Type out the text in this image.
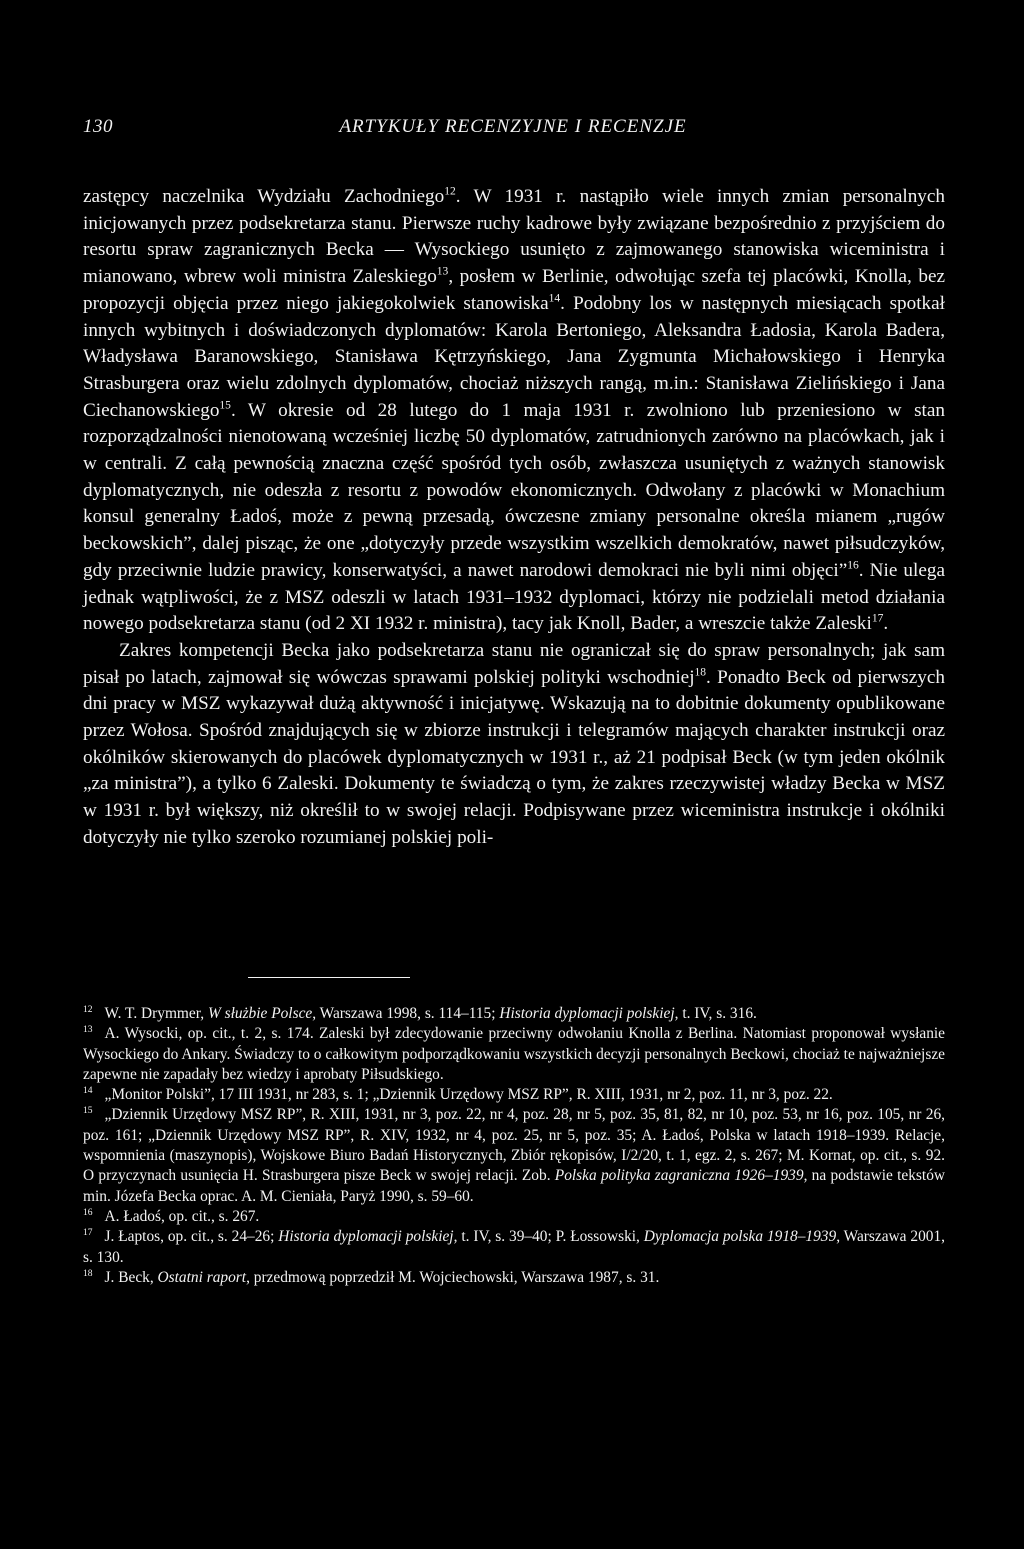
130	ARTYKUŁY RECENZYJNE I RECENZJE

zastępcy naczelnika Wydziału Zachodniego$^{12}$. W 1931 r. nastąpiło wiele innych zmian personalnych inicjowanych przez podsekretarza stanu. Pierwsze ruchy kadrowe były związane bezpośrednio z przyjściem do resortu spraw zagranicznych Becka — Wysockiego usunięto z zajmowanego stanowiska wiceministra i mianowano, wbrew woli ministra Zaleskiego$^{13}$, posłem w Berlinie, odwołując szefa tej placówki, Knolla, bez propozycji objęcia przez niego jakiegokolwiek stanowiska$^{14}$. Podobny los w następnych miesiącach spotkał innych wybitnych i doświadczonych dyplomatów: Karola Bertoniego, Aleksandra Ładosia, Karola Badera, Władysława Baranowskiego, Stanisława Kętrzyńskiego, Jana Zygmunta Michałowskiego i Henryka Strasburgera oraz wielu zdolnych dyplomatów, chociaż niższych rangą, m.in.: Stanisława Zielińskiego i Jana Ciechanowskiego$^{15}$. W okresie od 28 lutego do 1 maja 1931 r. zwolniono lub przeniesiono w stan rozporządzalności nienotowaną wcześniej liczbę 50 dyplomatów, zatrudnionych zarówno na placówkach, jak i w centrali. Z całą pewnością znaczna część spośród tych osób, zwłaszcza usuniętych z ważnych stanowisk dyplomatycznych, nie odeszła z resortu z powodów ekonomicznych. Odwołany z placówki w Monachium konsul generalny Ładoś, może z pewną przesadą, ówczesne zmiany personalne określa mianem „rugów beckowskich”, dalej pisząc, że one „dotyczyły przede wszystkim wszelkich demokratów, nawet piłsudczyków, gdy przeciwnie ludzie prawicy, konserwatyści, a nawet narodowi demokraci nie byli nimi objęci”$^{16}$. Nie ulega jednak wątpliwości, że z MSZ odeszli w latach 1931–1932 dyplomaci, którzy nie podzielali metod działania nowego podsekretarza stanu (od 2 XI 1932 r. ministra), tacy jak Knoll, Bader, a wreszcie także Zaleski$^{17}$.

Zakres kompetencji Becka jako podsekretarza stanu nie ograniczał się do spraw personalnych; jak sam pisał po latach, zajmował się wówczas sprawami polskiej polityki wschodniej$^{18}$. Ponadto Beck od pierwszych dni pracy w MSZ wykazywał dużą aktywność i inicjatywę. Wskazują na to dobitnie dokumenty opublikowane przez Wołosa. Spośród znajdujących się w zbiorze instrukcji i telegramów mających charakter instrukcji oraz okólników skierowanych do placówek dyplomatycznych w 1931 r., aż 21 podpisał Beck (w tym jeden okólnik „za ministra”), a tylko 6 Zaleski. Dokumenty te świadczą o tym, że zakres rzeczywistej władzy Becka w MSZ w 1931 r. był większy, niż określił to w swojej relacji. Podpisywane przez wiceministra instrukcje i okólniki dotyczyły nie tylko szeroko rozumianej polskiej poli-

$^{12}$ W. T. Drymmer, W służbie Polsce, Warszawa 1998, s. 114–115; Historia dyplomacji polskiej, t. IV, s. 316.

$^{13}$ A. Wysocki, op. cit., t. 2, s. 174. Zaleski był zdecydowanie przeciwny odwołaniu Knolla z Berlina. Natomiast proponował wysłanie Wysockiego do Ankary. Świadczy to o całkowitym podporządkowaniu wszystkich decyzji personalnych Beckowi, chociaż te najważniejsze zapewne nie zapadały bez wiedzy i aprobaty Piłsudskiego.

$^{14}$ „Monitor Polski”, 17 III 1931, nr 283, s. 1; „Dziennik Urzędowy MSZ RP”, R. XIII, 1931, nr 2, poz. 11, nr 3, poz. 22.

$^{15}$ „Dziennik Urzędowy MSZ RP”, R. XIII, 1931, nr 3, poz. 22, nr 4, poz. 28, nr 5, poz. 35, 81, 82, nr 10, poz. 53, nr 16, poz. 105, nr 26, poz. 161; „Dziennik Urzędowy MSZ RP”, R. XIV, 1932, nr 4, poz. 25, nr 5, poz. 35; A. Ładoś, Polska w latach 1918–1939. Relacje, wspomnienia (maszynopis), Wojskowe Biuro Badań Historycznych, Zbiór rękopisów, I/2/20, t. 1, egz. 2, s. 267; M. Kornat, op. cit., s. 92. O przyczynach usunięcia H. Strasburgera pisze Beck w swojej relacji. Zob. Polska polityka zagraniczna 1926–1939, na podstawie tekstów min. Józefa Becka oprac. A. M. Cieniała, Paryż 1990, s. 59–60.

$^{16}$ A. Ładoś, op. cit., s. 267.

$^{17}$ J. Łaptos, op. cit., s. 24–26; Historia dyplomacji polskiej, t. IV, s. 39–40; P. Łossowski, Dyplomacja polska 1918–1939, Warszawa 2001, s. 130.

$^{18}$ J. Beck, Ostatni raport, przedmową poprzedził M. Wojciechowski, Warszawa 1987, s. 31.
